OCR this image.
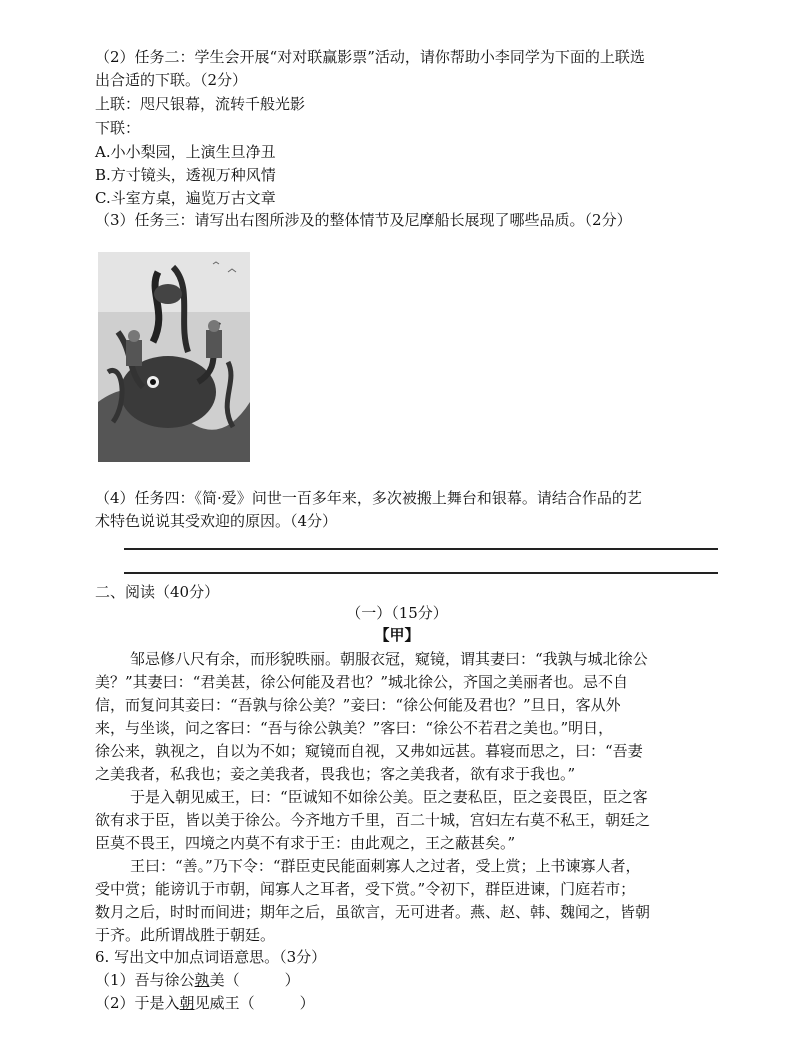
（2）任务二：学生会开展“对对联赢影票”活动，请你帮助小李同学为下面的上联选
出合适的下联。（2分）
上联：咫尺银幕，流转千般光影
下联：
A.小小梨园，上演生旦净丑
B.方寸镜头，透视万种风情
C.斗室方桌，遍览万古文章
（3）任务三：请写出右图所涉及的整体情节及尼摩船长展现了哪些品质。（2分）
（4）任务四：《简·爱》问世一百多年来，多次被搬上舞台和银幕。请结合作品的艺
术特色说说其受欢迎的原因。（4分）
二、阅读（40分）
（一）（15分）
【甲】
邹忌修八尺有余，而形貌昳丽。朝服衣冠，窥镜，谓其妻曰：“我孰与城北徐公
美？”其妻曰：“君美甚，徐公何能及君也？”城北徐公，齐国之美丽者也。忌不自
信，而复问其妾曰：“吾孰与徐公美？”妾曰：“徐公何能及君也？”旦日，客从外
来，与坐谈，问之客曰：“吾与徐公孰美？”客曰：“徐公不若君之美也。”明日，
徐公来，孰视之，自以为不如；窥镜而自视，又弗如远甚。暮寝而思之，曰：“吾妻
之美我者，私我也；妾之美我者，畏我也；客之美我者，欲有求于我也。”
于是入朝见威王，曰：“臣诚知不如徐公美。臣之妻私臣，臣之妾畏臣，臣之客
欲有求于臣，皆以美于徐公。今齐地方千里，百二十城，宫妇左右莫不私王，朝廷之
臣莫不畏王，四境之内莫不有求于王：由此观之，王之蔽甚矣。”
王曰：“善。”乃下令：“群臣吏民能面刺寡人之过者，受上赏；上书谏寡人者，
受中赏；能谤讥于市朝，闻寡人之耳者，受下赏。”令初下，群臣进谏，门庭若市；
数月之后，时时而间进；期年之后，虽欲言，无可进者。燕、赵、韩、魏闻之，皆朝
于齐。此所谓战胜于朝廷。
6. 写出文中加点词语意思。（3分）
（1）吾与徐公孰美（　　　）
（2）于是入朝见威王（　　　）
